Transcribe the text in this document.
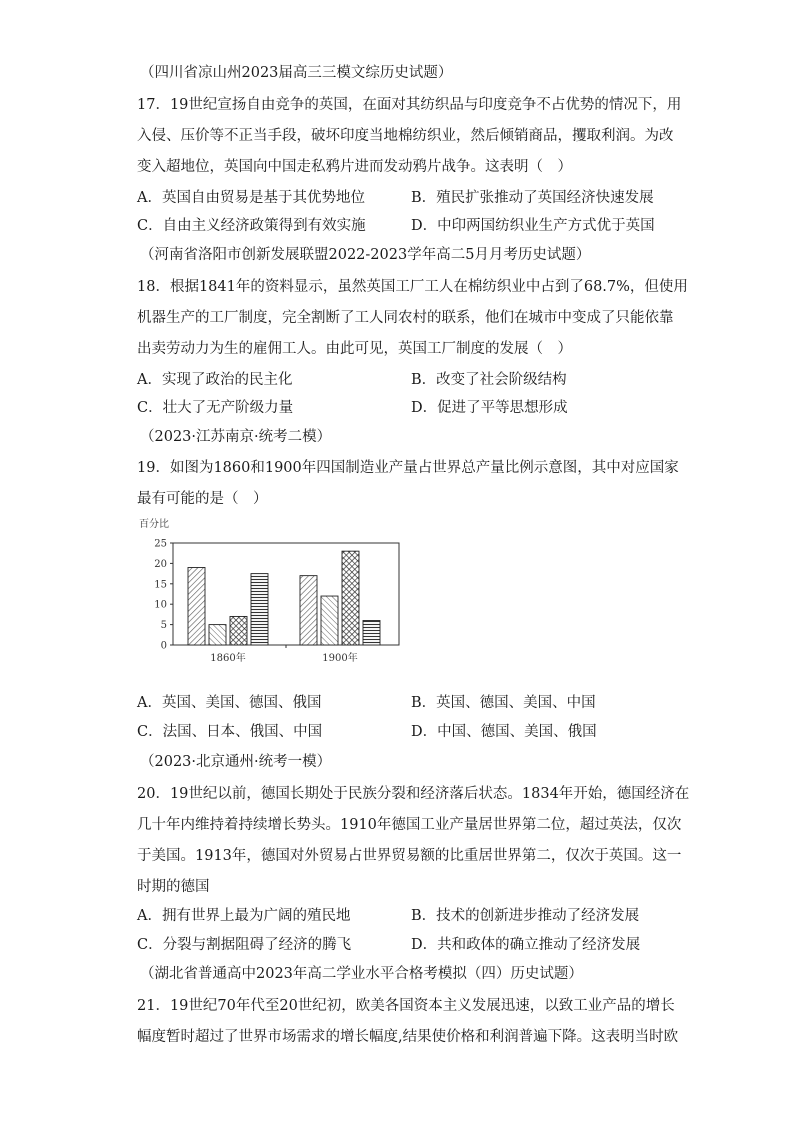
（四川省凉山州2023届高三三模文综历史试题）
17．19世纪宣扬自由竞争的英国，在面对其纺织品与印度竞争不占优势的情况下，用
入侵、压价等不正当手段，破坏印度当地棉纺织业，然后倾销商品，攫取利润。为改
变入超地位，英国向中国走私鸦片进而发动鸦片战争。这表明（　）
A．英国自由贸易是基于其优势地位	B．殖民扩张推动了英国经济快速发展
C．自由主义经济政策得到有效实施	D．中印两国纺织业生产方式优于英国
（河南省洛阳市创新发展联盟2022-2023学年高二5月月考历史试题）
18．根据1841年的资料显示，虽然英国工厂工人在棉纺织业中占到了68.7%，但使用
机器生产的工厂制度，完全割断了工人同农村的联系，他们在城市中变成了只能依靠
出卖劳动力为生的雇佣工人。由此可见，英国工厂制度的发展（　）
A．实现了政治的民主化	B．改变了社会阶级结构
C．壮大了无产阶级力量	D．促进了平等思想形成
（2023·江苏南京·统考二模）
19．如图为1860和1900年四国制造业产量占世界总产量比例示意图，其中对应国家
最有可能的是（　）
百分比
0
5
10
15
20
25
1860年	1900年
A．英国、美国、德国、俄国	B．英国、德国、美国、中国
C．法国、日本、俄国、中国	D．中国、德国、美国、俄国
（2023·北京通州·统考一模）
20．19世纪以前，德国长期处于民族分裂和经济落后状态。1834年开始，德国经济在
几十年内维持着持续增长势头。1910年德国工业产量居世界第二位，超过英法，仅次
于美国。1913年，德国对外贸易占世界贸易额的比重居世界第二，仅次于英国。这一
时期的德国
A．拥有世界上最为广阔的殖民地	B．技术的创新进步推动了经济发展
C．分裂与割据阻碍了经济的腾飞	D．共和政体的确立推动了经济发展
（湖北省普通高中2023年高二学业水平合格考模拟（四）历史试题）
21．19世纪70年代至20世纪初，欧美各国资本主义发展迅速，以致工业产品的增长
幅度暂时超过了世界市场需求的增长幅度,结果使价格和利润普遍下降。这表明当时欧
